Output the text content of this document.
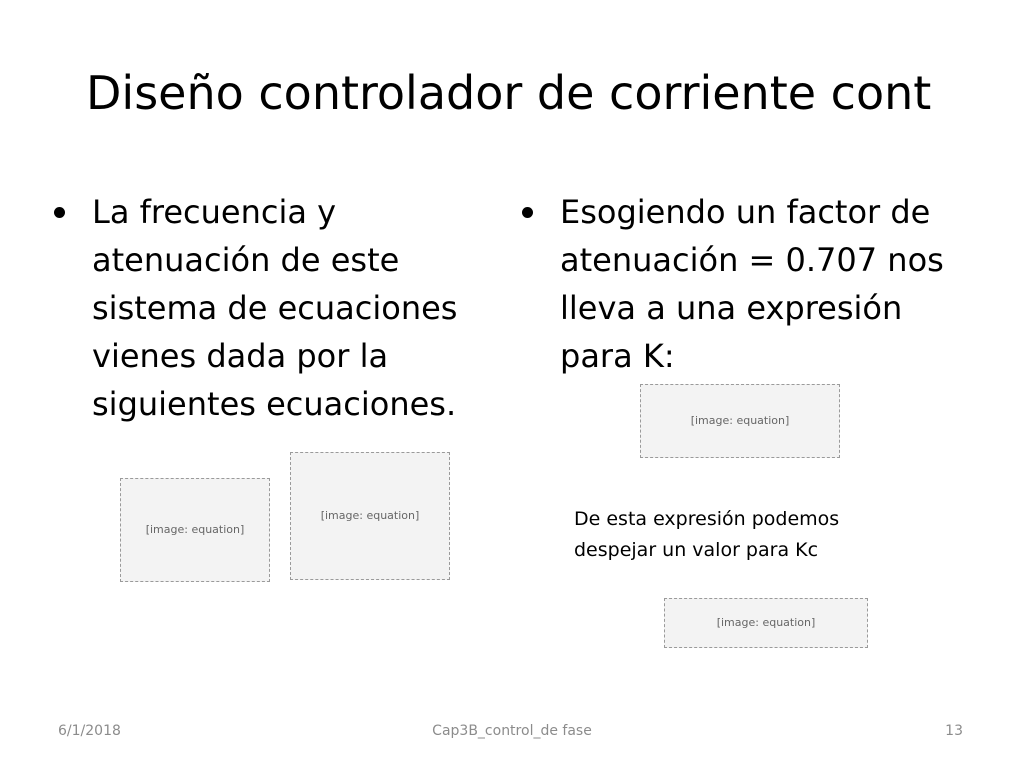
Diseño controlador de corriente cont
La frecuencia y atenuación de este sistema de ecuaciones vienes dada por la siguientes ecuaciones.
Esogiendo un factor de atenuación = 0.707 nos lleva a una expresión para K:
[image: equation]
[image: equation]
[image: equation]
De esta expresión podemos despejar un valor para Kc
[image: equation]
6/1/2018	Cap3B_control_de fase	13
